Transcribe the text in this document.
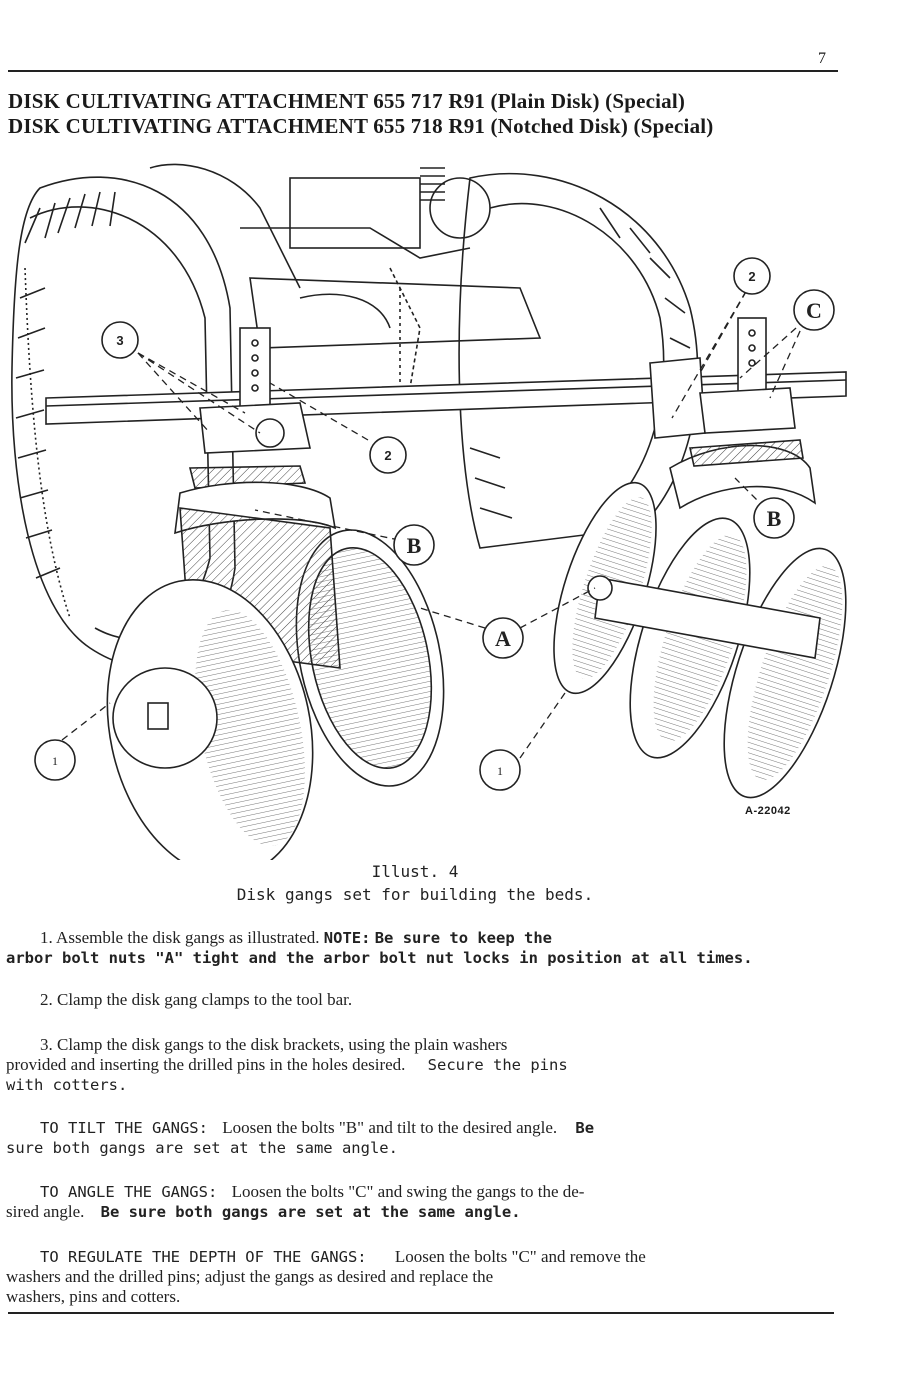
7
DISK CULTIVATING ATTACHMENT 655 717 R91 (Plain Disk) (Special)
DISK CULTIVATING ATTACHMENT 655 718 R91 (Notched Disk) (Special)
3
2
2
C
B
B
A
1
1
A-22042
Illust. 4
Disk gangs set for building the beds.
1. Assemble the disk gangs as illustrated. NOTE: Be sure to keep the
arbor bolt nuts "A" tight and the arbor bolt nut locks in position at all times.
2. Clamp the disk gang clamps to the tool bar.
3. Clamp the disk gangs to the disk brackets, using the plain washers
provided and inserting the drilled pins in the holes desired. Secure the pins
with cotters.
TO TILT THE GANGS: Loosen the bolts "B" and tilt to the desired angle. Be
sure both gangs are set at the same angle.
TO ANGLE THE GANGS: Loosen the bolts "C" and swing the gangs to the de-
sired angle. Be sure both gangs are set at the same angle.
TO REGULATE THE DEPTH OF THE GANGS: Loosen the bolts "C" and remove the
washers and the drilled pins; adjust the gangs as desired and replace the
washers, pins and cotters.
